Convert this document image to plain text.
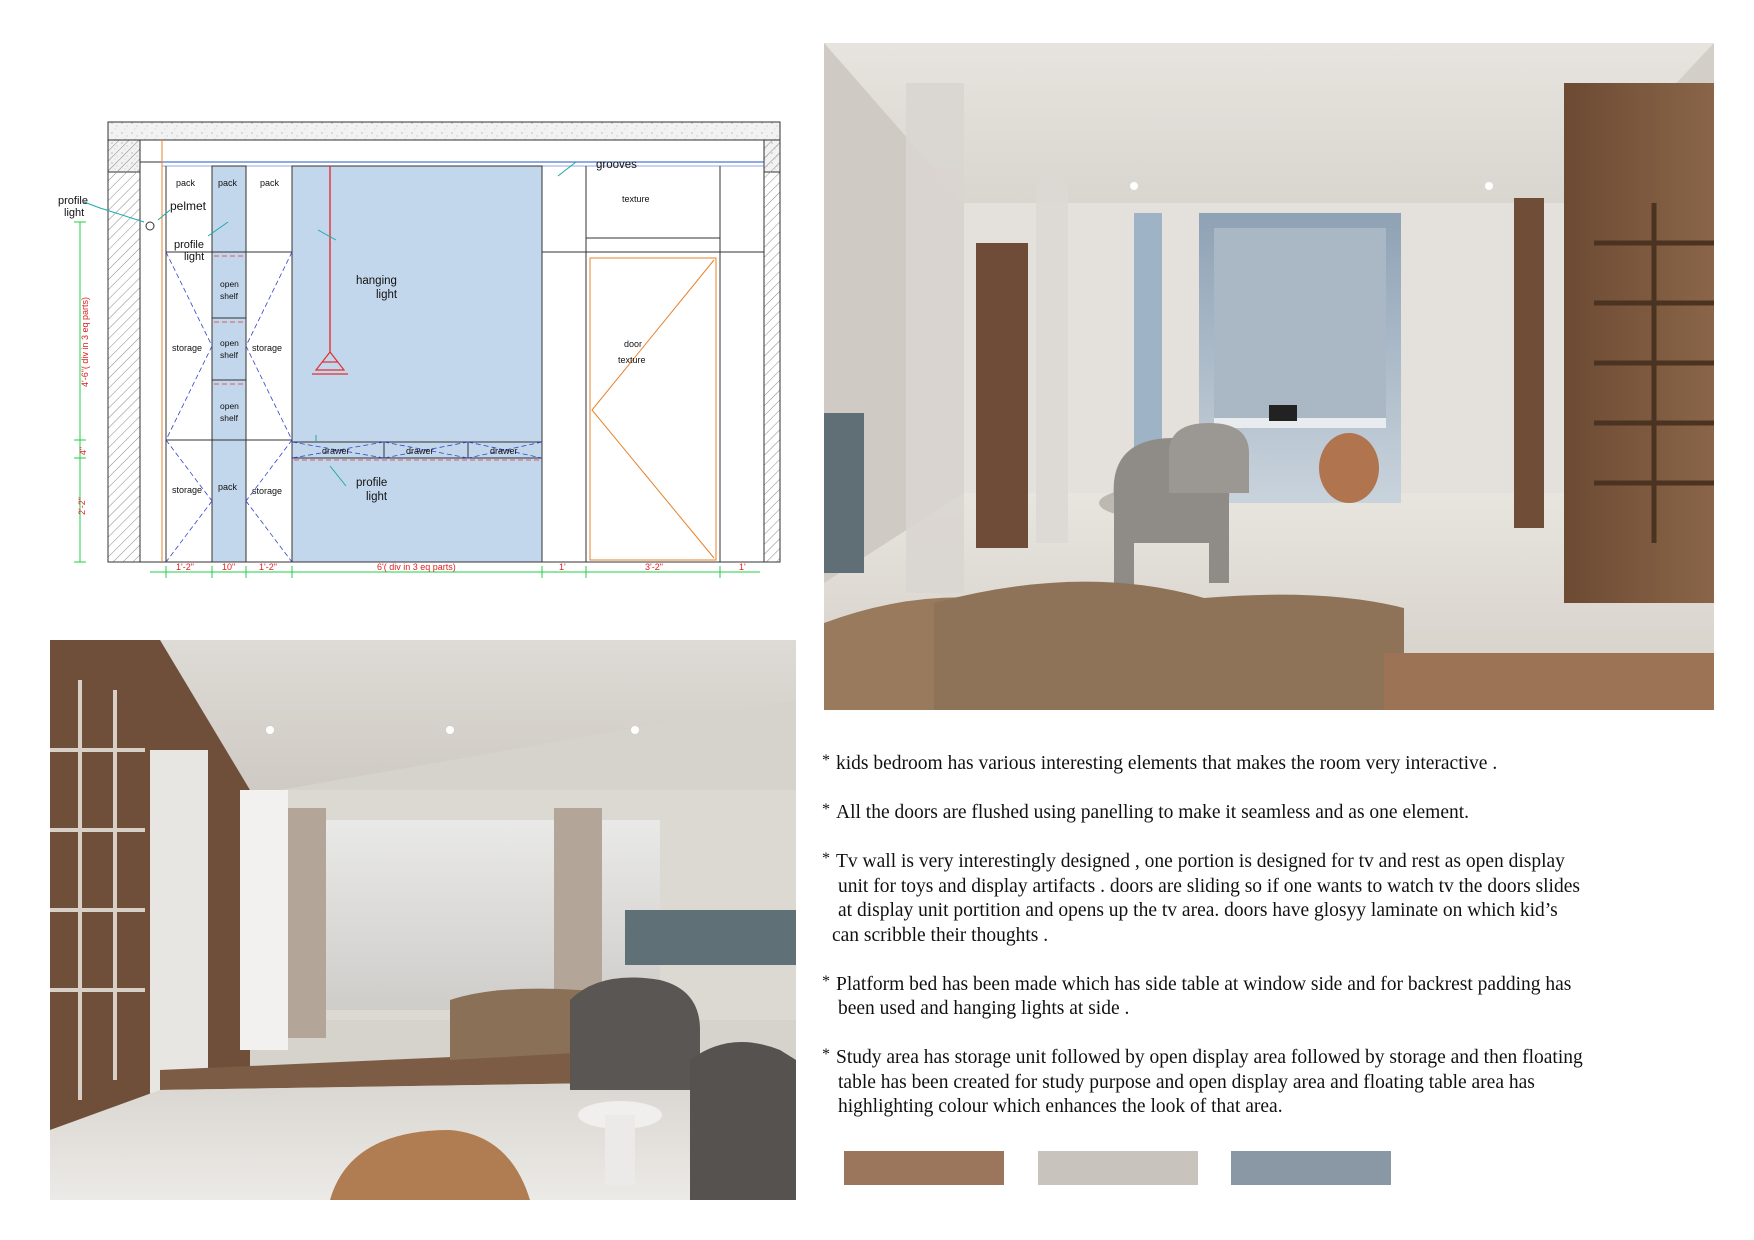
profile
light	pelmet
profile
light
pack	pack	pack
storage	storage
storage	storage
pack
open
shelf
open
shelf
open
shelf
hanging
light
drawer	drawer	drawer
profile
light
grooves
texture
door
texture
1'-2"	10"	1'-2"	6'( div in 3 eq parts)	1'	3'-2"	1'
4'-6"( div in 3 eq parts)
4"
2'-2"
* kids bedroom has various interesting elements that makes the room very interactive .
* All the doors are flushed using panelling to make it seamless and as one element.
* Tv wall is very interestingly designed , one portion is designed for tv and rest as open display
unit for toys and display artifacts . doors are sliding so if one wants to watch tv the doors slides
at display unit portition and opens up the tv area. doors have glosyy laminate on which kid’s
can scribble their thoughts .
* Platform bed has been made which has side table at window side and for backrest padding has
been used and hanging lights at side .
* Study area has storage unit followed by open display area followed by storage and then floating
table has been created for study purpose and open display area and floating table area has
highlighting colour which enhances the look of that area.
